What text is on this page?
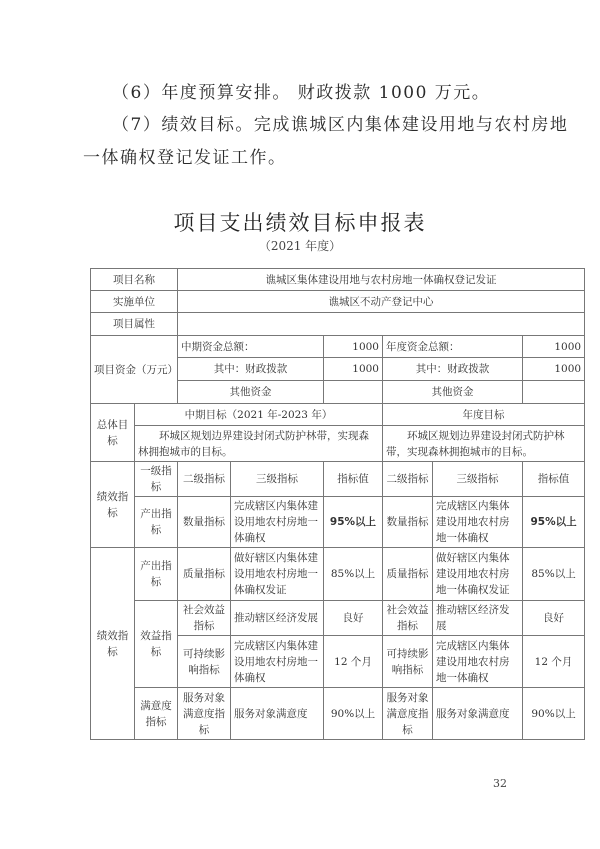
（6）年度预算安排。 财政拨款 1000 万元。
（7）绩效目标。完成谯城区内集体建设用地与农村房地
一体确权登记发证工作。
项目支出绩效目标申报表
（2021 年度）
项目名称		谯城区集体建设用地与农村房地一体确权登记发证					
实施单位		谯城区不动产登记中心					
项目属性							
项目资金（万元）		中期资金总额：		1000	年度资金总额：		1000
		其中：财政拨款		1000	其中：财政拨款		1000
		其他资金			其他资金		
总体目标	中期目标（2021 年-2023 年）				年度目标		
	环城区规划边界建设封闭式防护林带，实现森林拥抱城市的目标。				环城区规划边界建设封闭式防护林带，实现森林拥抱城市的目标。		
绩效指标	一级指标	二级指标	三级指标	指标值	二级指标	三级指标	指标值
	产出指标	数量指标	完成辖区内集体建设用地农村房地一体确权	95%以上	数量指标	完成辖区内集体建设用地农村房地一体确权	95%以上
绩效指标	产出指标	质量指标	做好辖区内集体建设用地农村房地一体确权发证	85%以上	质量指标	做好辖区内集体建设用地农村房地一体确权发证	85%以上
	效益指标	社会效益指标	推动辖区经济发展	良好	社会效益指标	推动辖区经济发展	良好
		可持续影响指标	完成辖区内集体建设用地农村房地一体确权	12 个月	可持续影响指标	完成辖区内集体建设用地农村房地一体确权	12 个月
	满意度指标	服务对象满意度指标	服务对象满意度	90%以上	服务对象满意度指标	服务对象满意度	90%以上
32
